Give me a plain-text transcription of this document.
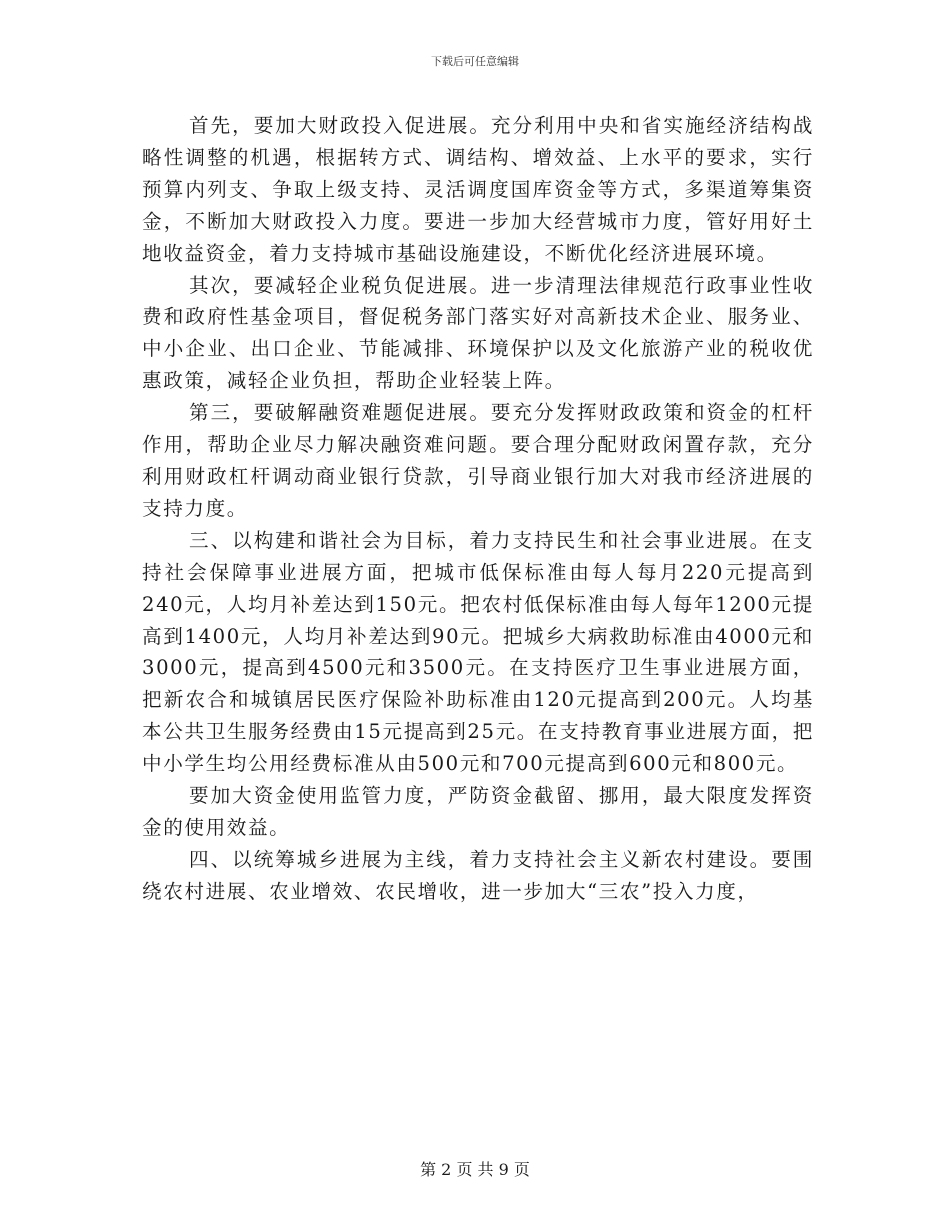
下载后可任意编辑

首先，要加大财政投入促进展。充分利用中央和省实施经济结构战略性调整的机遇，根据转方式、调结构、增效益、上水平的要求，实行预算内列支、争取上级支持、灵活调度国库资金等方式，多渠道筹集资金，不断加大财政投入力度。要进一步加大经营城市力度，管好用好土地收益资金，着力支持城市基础设施建设，不断优化经济进展环境。

其次，要减轻企业税负促进展。进一步清理法律规范行政事业性收费和政府性基金项目，督促税务部门落实好对高新技术企业、服务业、中小企业、出口企业、节能减排、环境保护以及文化旅游产业的税收优惠政策，减轻企业负担，帮助企业轻装上阵。

第三，要破解融资难题促进展。要充分发挥财政政策和资金的杠杆作用，帮助企业尽力解决融资难问题。要合理分配财政闲置存款，充分利用财政杠杆调动商业银行贷款，引导商业银行加大对我市经济进展的支持力度。

三、以构建和谐社会为目标，着力支持民生和社会事业进展。在支持社会保障事业进展方面，把城市低保标准由每人每月220元提高到240元，人均月补差达到150元。把农村低保标准由每人每年1200元提高到1400元，人均月补差达到90元。把城乡大病救助标准由4000元和3000元，提高到4500元和3500元。在支持医疗卫生事业进展方面，把新农合和城镇居民医疗保险补助标准由120元提高到200元。人均基本公共卫生服务经费由15元提高到25元。在支持教育事业进展方面，把中小学生均公用经费标准从由500元和700元提高到600元和800元。

要加大资金使用监管力度，严防资金截留、挪用，最大限度发挥资金的使用效益。

四、以统筹城乡进展为主线，着力支持社会主义新农村建设。要围绕农村进展、农业增效、农民增收，进一步加大“三农”投入力度，

第 2 页 共 9 页
